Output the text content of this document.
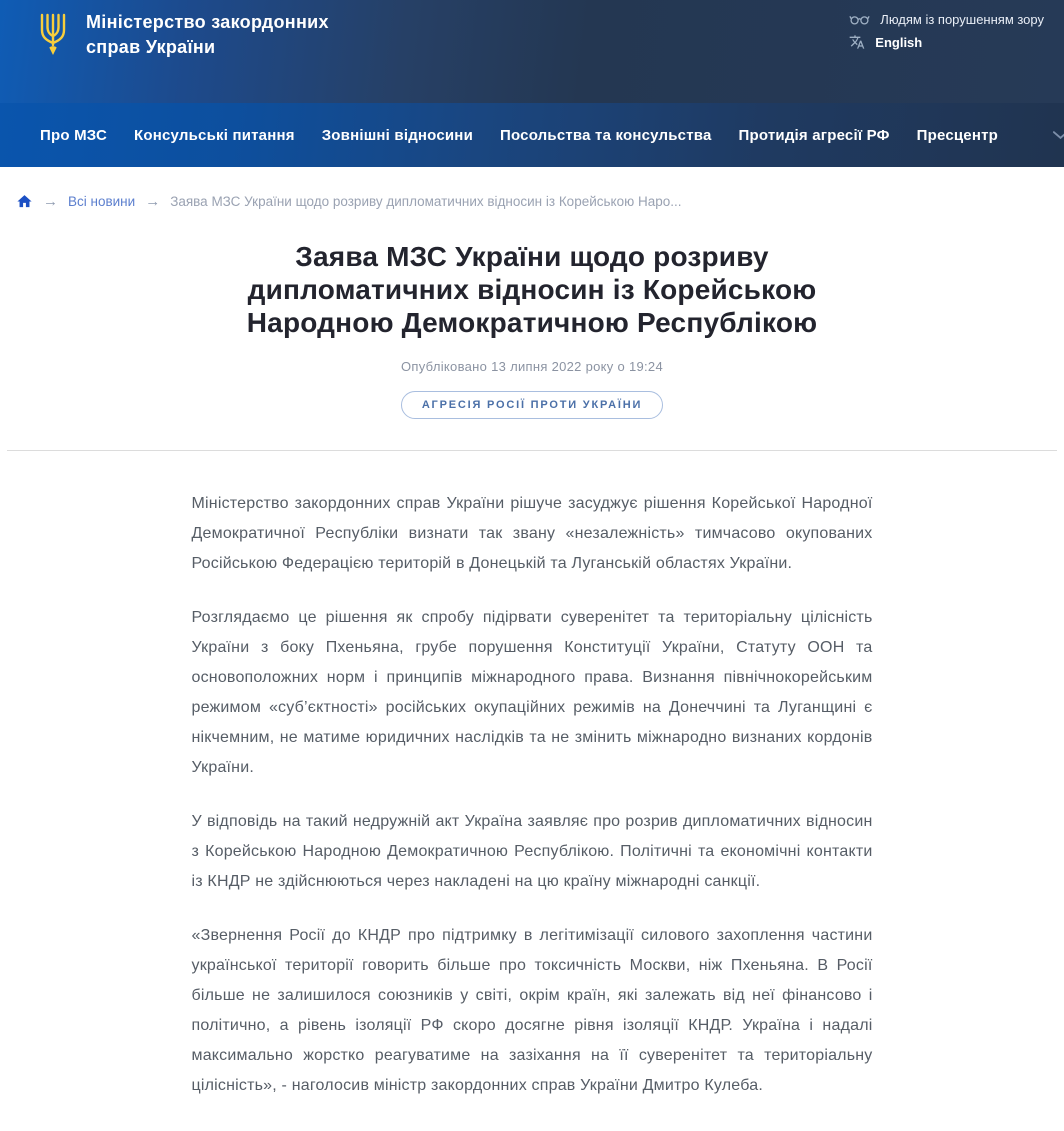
Міністерство закордонних
справ України
Людям із порушенням зору
English
Про МЗС Консульські питання Зовнішні відносини Посольства та консульства Протидія агресії РФ Пресцентр
→ Всі новини → Заява МЗС України щодо розриву дипломатичних відносин із Корейською Наро...
Заява МЗС України щодо розриву дипломатичних відносин із Корейською Народною Демократичною Республікою
Опубліковано 13 липня 2022 року о 19:24
АГРЕСІЯ РОСІЇ ПРОТИ УКРАЇНИ

Міністерство закордонних справ України рішуче засуджує рішення Корейської Народної Демократичної Республіки визнати так звану «незалежність» тимчасово окупованих Російською Федерацією територій в Донецькій та Луганській областях України.

Розглядаємо це рішення як спробу підірвати суверенітет та територіальну цілісність України з боку Пхеньяна, грубе порушення Конституції України, Статуту ООН та основоположних норм і принципів міжнародного права. Визнання північнокорейським режимом «суб’єктності» російських окупаційних режимів на Донеччині та Луганщині є нікчемним, не матиме юридичних наслідків та не змінить міжнародно визнаних кордонів України.

У відповідь на такий недружній акт Україна заявляє про розрив дипломатичних відносин з Корейською Народною Демократичною Республікою. Політичні та економічні контакти із КНДР не здійснюються через накладені на цю країну міжнародні санкції.

«Звернення Росії до КНДР про підтримку в легітимізації силового захоплення частини української території говорить більше про токсичність Москви, ніж Пхеньяна. В Росії більше не залишилося союзників у світі, окрім країн, які залежать від неї фінансово і політично, а рівень ізоляції РФ скоро досягне рівня ізоляції КНДР. Україна і надалі максимально жорстко реагуватиме на зазіхання на її суверенітет та територіальну цілісність», - наголосив міністр закордонних справ України Дмитро Кулеба.
